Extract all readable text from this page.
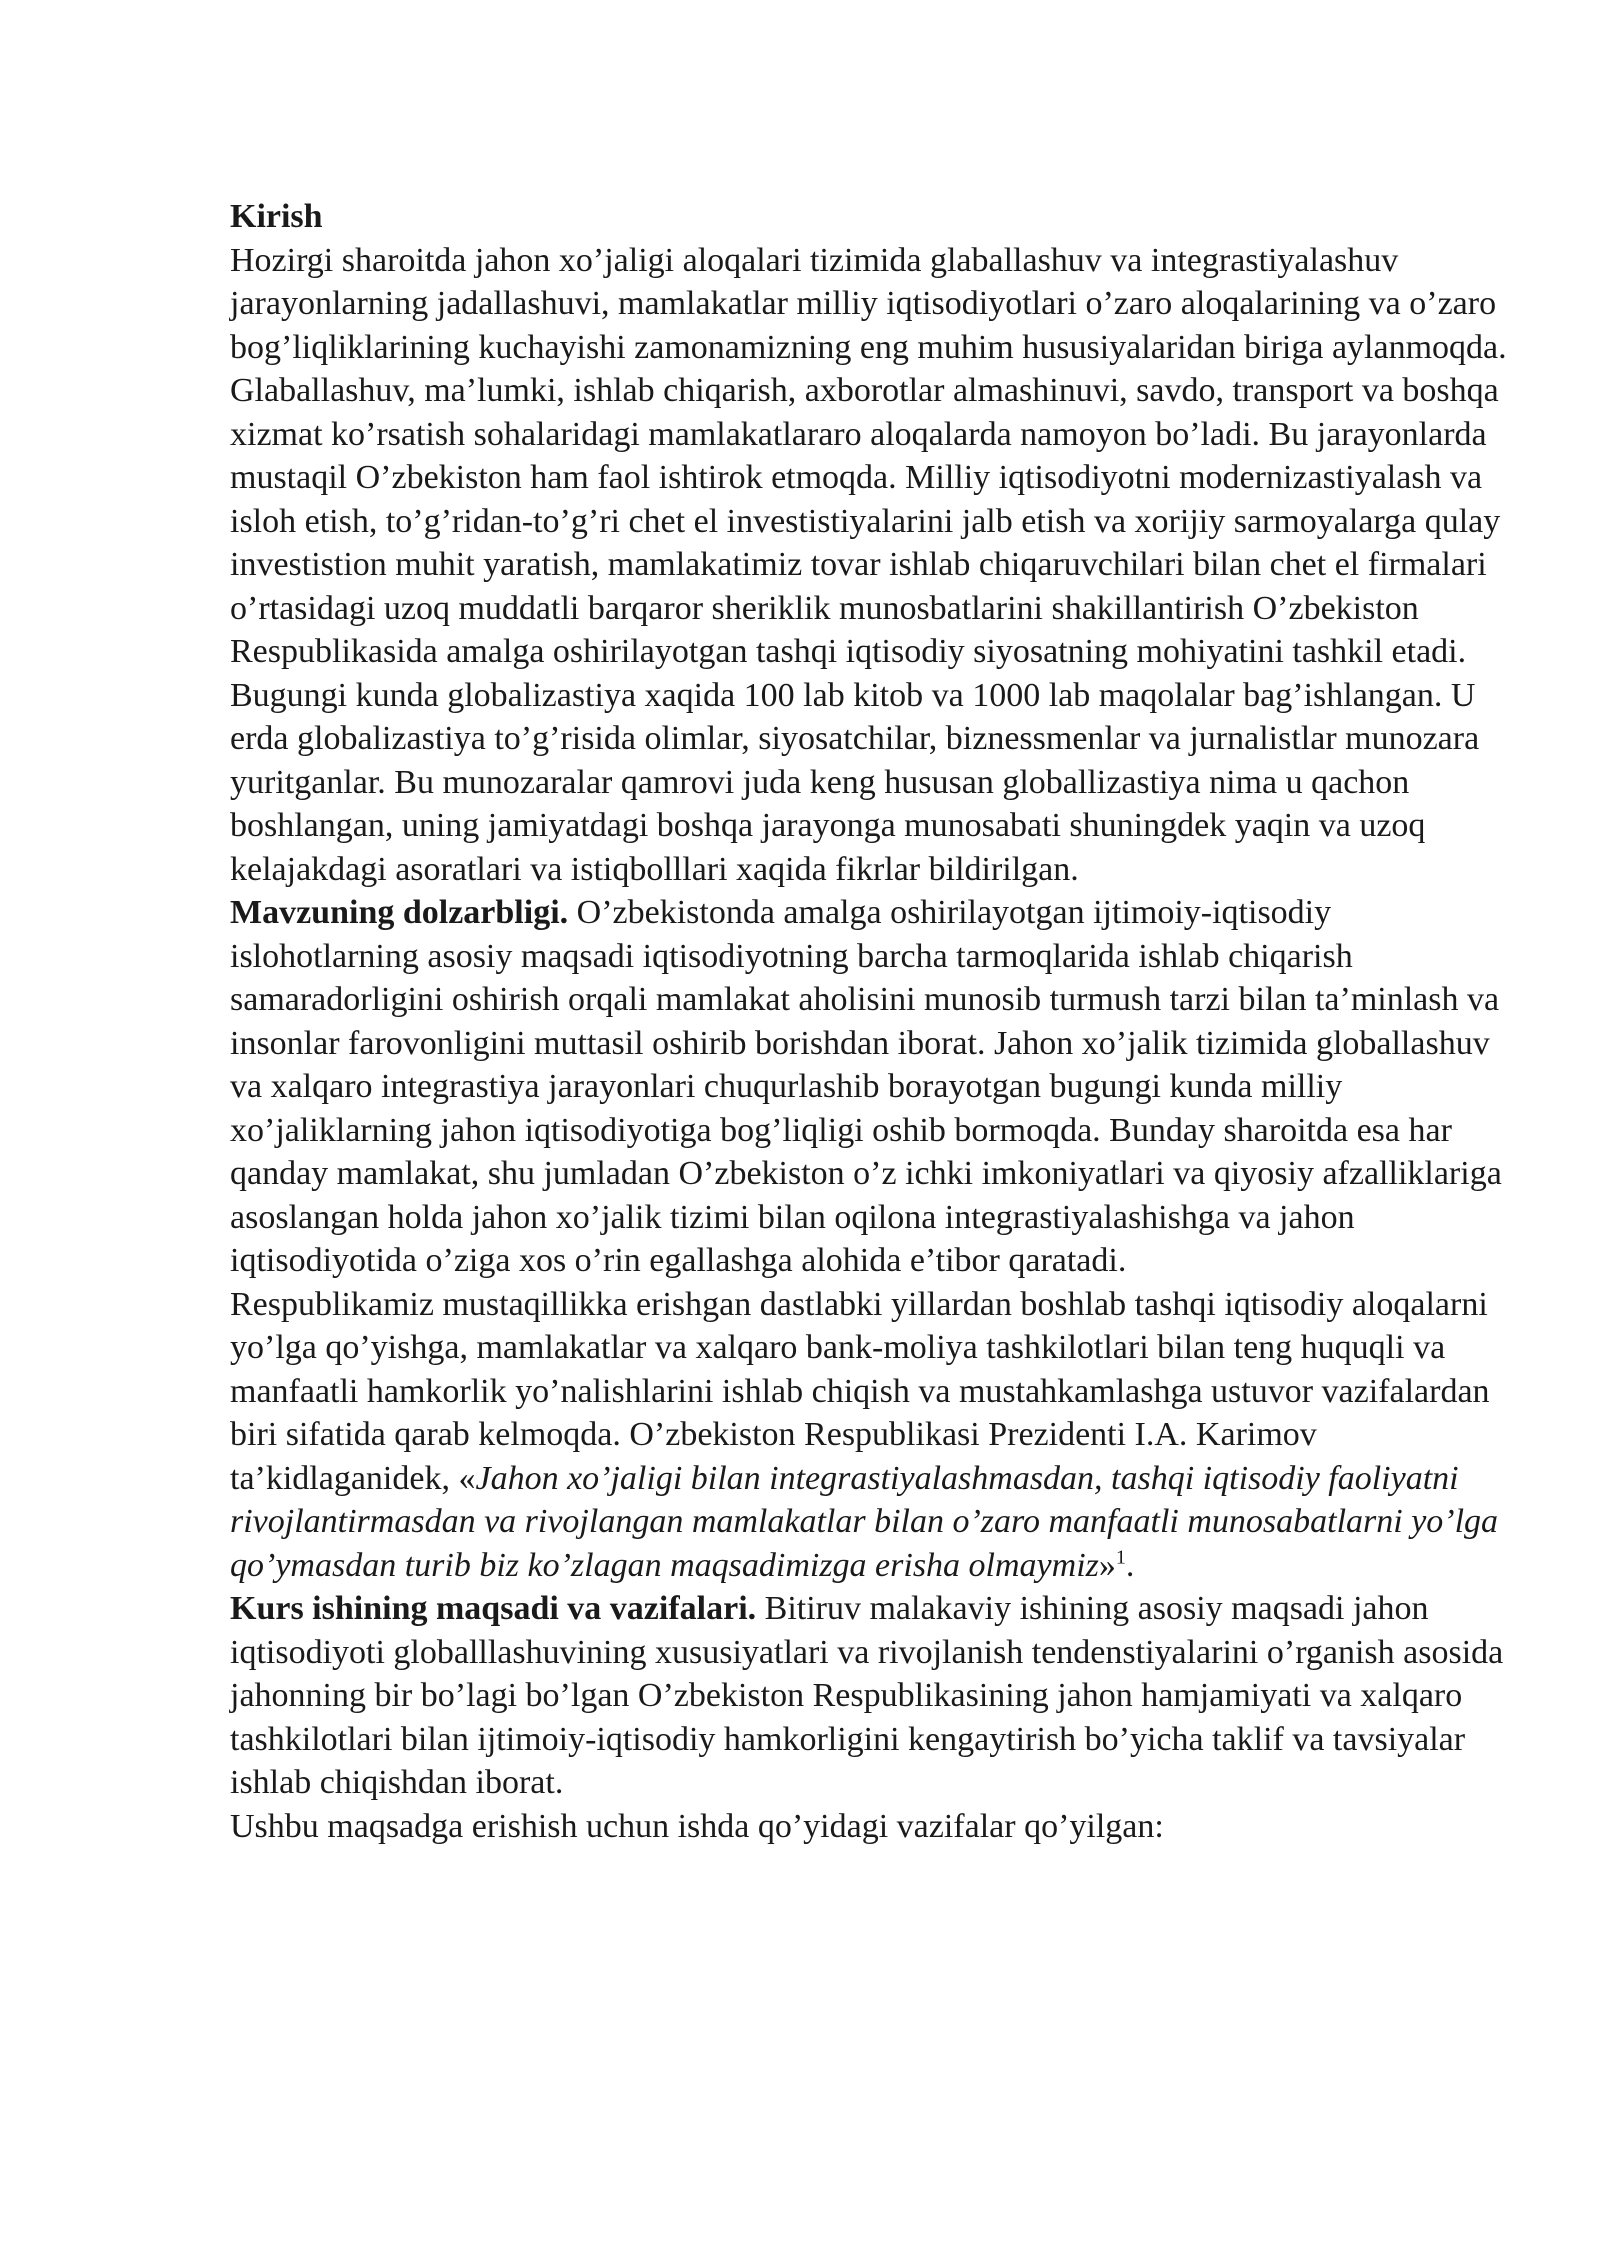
Kirish

Hozirgi sharoitda jahon xo’jaligi aloqalari tizimida glaballashuv va integrastiyalashuv jarayonlarning jadallashuvi, mamlakatlar milliy iqtisodiyotlari o’zaro aloqalarining va o’zaro bog’liqliklarining kuchayishi zamonamizning eng muhim hususiyalaridan biriga aylanmoqda. Glaballashuv, ma’lumki, ishlab chiqarish, axborotlar almashinuvi, savdo, transport va boshqa xizmat ko’rsatish sohalaridagi mamlakatlararo aloqalarda namoyon bo’ladi. Bu jarayonlarda mustaqil O’zbekiston ham faol ishtirok etmoqda. Milliy iqtisodiyotni modernizastiyalash va isloh etish, to’g’ridan-to’g’ri chet el investistiyalarini jalb etish va xorijiy sarmoyalarga qulay investistion muhit yaratish, mamlakatimiz tovar ishlab chiqaruvchilari bilan chet el firmalari o’rtasidagi uzoq muddatli barqaror sheriklik munosbatlarini shakillantirish O’zbekiston Respublikasida amalga oshirilayotgan tashqi iqtisodiy siyosatning mohiyatini tashkil etadi.

Bugungi kunda globalizastiya xaqida 100 lab kitob va 1000 lab maqolalar bag’ishlangan. U erda globalizastiya to’g’risida olimlar, siyosatchilar, biznessmenlar va jurnalistlar munozara yuritganlar. Bu munozaralar qamrovi juda keng hususan globallizastiya nima u qachon boshlangan, uning jamiyatdagi boshqa jarayonga munosabati shuningdek yaqin va uzoq kelajakdagi asoratlari va istiqbolllari xaqida fikrlar bildirilgan.

Mavzuning dolzarbligi. O’zbekistonda amalga oshirilayotgan ijtimoiy-iqtisodiy islohotlarning asosiy maqsadi iqtisodiyotning barcha tarmoqlarida ishlab chiqarish samaradorligini oshirish orqali mamlakat aholisini munosib turmush tarzi bilan ta’minlash va insonlar farovonligini muttasil oshirib borishdan iborat. Jahon xo’jalik tizimida globallashuv va xalqaro integrastiya jarayonlari chuqurlashib borayotgan bugungi kunda milliy xo’jaliklarning jahon iqtisodiyotiga bog’liqligi oshib bormoqda. Bunday sharoitda esa har qanday mamlakat, shu jumladan O’zbekiston o’z ichki imkoniyatlari va qiyosiy afzalliklariga asoslangan holda jahon xo’jalik tizimi bilan oqilona integrastiyalashishga va jahon iqtisodiyotida o’ziga xos o’rin egallashga alohida e’tibor qaratadi.

Respublikamiz mustaqillikka erishgan dastlabki yillardan boshlab tashqi iqtisodiy aloqalarni yo’lga qo’yishga, mamlakatlar va xalqaro bank-moliya tashkilotlari bilan teng huquqli va manfaatli hamkorlik yo’nalishlarini ishlab chiqish va mustahkamlashga ustuvor vazifalardan biri sifatida qarab kelmoqda. O’zbekiston Respublikasi Prezidenti I.A. Karimov ta’kidlaganidek, «Jahon xo’jaligi bilan integrastiyalashmasdan, tashqi iqtisodiy faoliyatni rivojlantirmasdan va rivojlangan mamlakatlar bilan o’zaro manfaatli munosabatlarni yo’lga qo’ymasdan turib biz ko’zlagan maqsadimizga erisha olmaymiz»$^1$.

Kurs ishining maqsadi va vazifalari. Bitiruv malakaviy ishining asosiy maqsadi jahon iqtisodiyoti globalllashuvining xususiyatlari va rivojlanish tendenstiyalarini o’rganish asosida jahonning bir bo’lagi bo’lgan O’zbekiston Respublikasining jahon hamjamiyati va xalqaro tashkilotlari bilan ijtimoiy-iqtisodiy hamkorligini kengaytirish bo’yicha taklif va tavsiyalar ishlab chiqishdan iborat.

Ushbu maqsadga erishish uchun ishda qo’yidagi vazifalar qo’yilgan:
